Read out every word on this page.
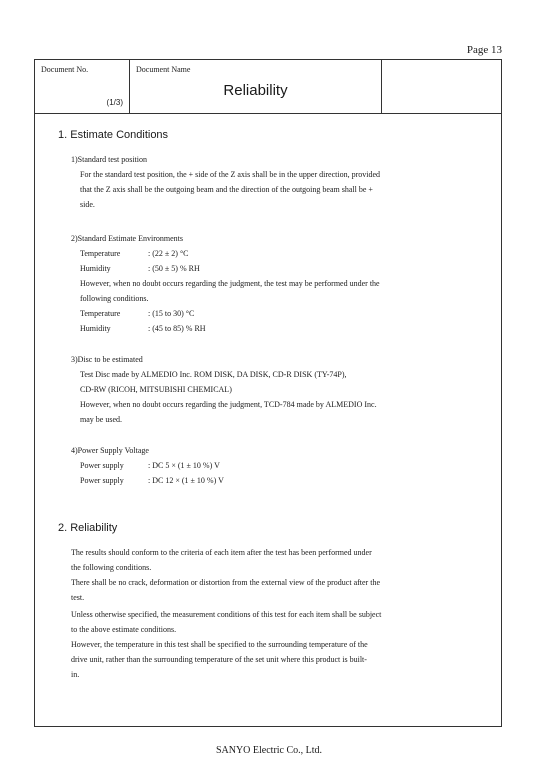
Page 13
Document No.
(1/3)
Document Name
Reliability
1. Estimate Conditions
1)Standard test position
For the standard test position, the + side of the Z axis shall be in the upper direction, provided
that the Z axis shall be the outgoing beam and the direction of the outgoing beam shall be +
side.
2)Standard Estimate Environments
Temperature	: (22 ± 2) °C
Humidity	: (50 ± 5) % RH
However, when no doubt occurs regarding the judgment, the test may be performed under the
following conditions.
Temperature	: (15 to 30) °C
Humidity	: (45 to 85) % RH
3)Disc to be estimated
Test Disc made by ALMEDIO Inc. ROM DISK, DA DISK, CD-R DISK (TY-74P),
CD-RW (RICOH, MITSUBISHI CHEMICAL)
However, when no doubt occurs regarding the judgment, TCD-784 made by ALMEDIO Inc.
may be used.
4)Power Supply Voltage
Power supply	: DC 5 × (1 ± 10 %) V
Power supply	: DC 12 × (1 ± 10 %) V
2. Reliability
The results should conform to the criteria of each item after the test has been performed under
the following conditions.
There shall be no crack, deformation or distortion from the external view of the product after the
test.
Unless otherwise specified, the measurement conditions of this test for each item shall be subject
to the above estimate conditions.
However, the temperature in this test shall be specified to the surrounding temperature of the
drive unit, rather than the surrounding temperature of the set unit where this product is built-
in.
SANYO Electric Co., Ltd.
